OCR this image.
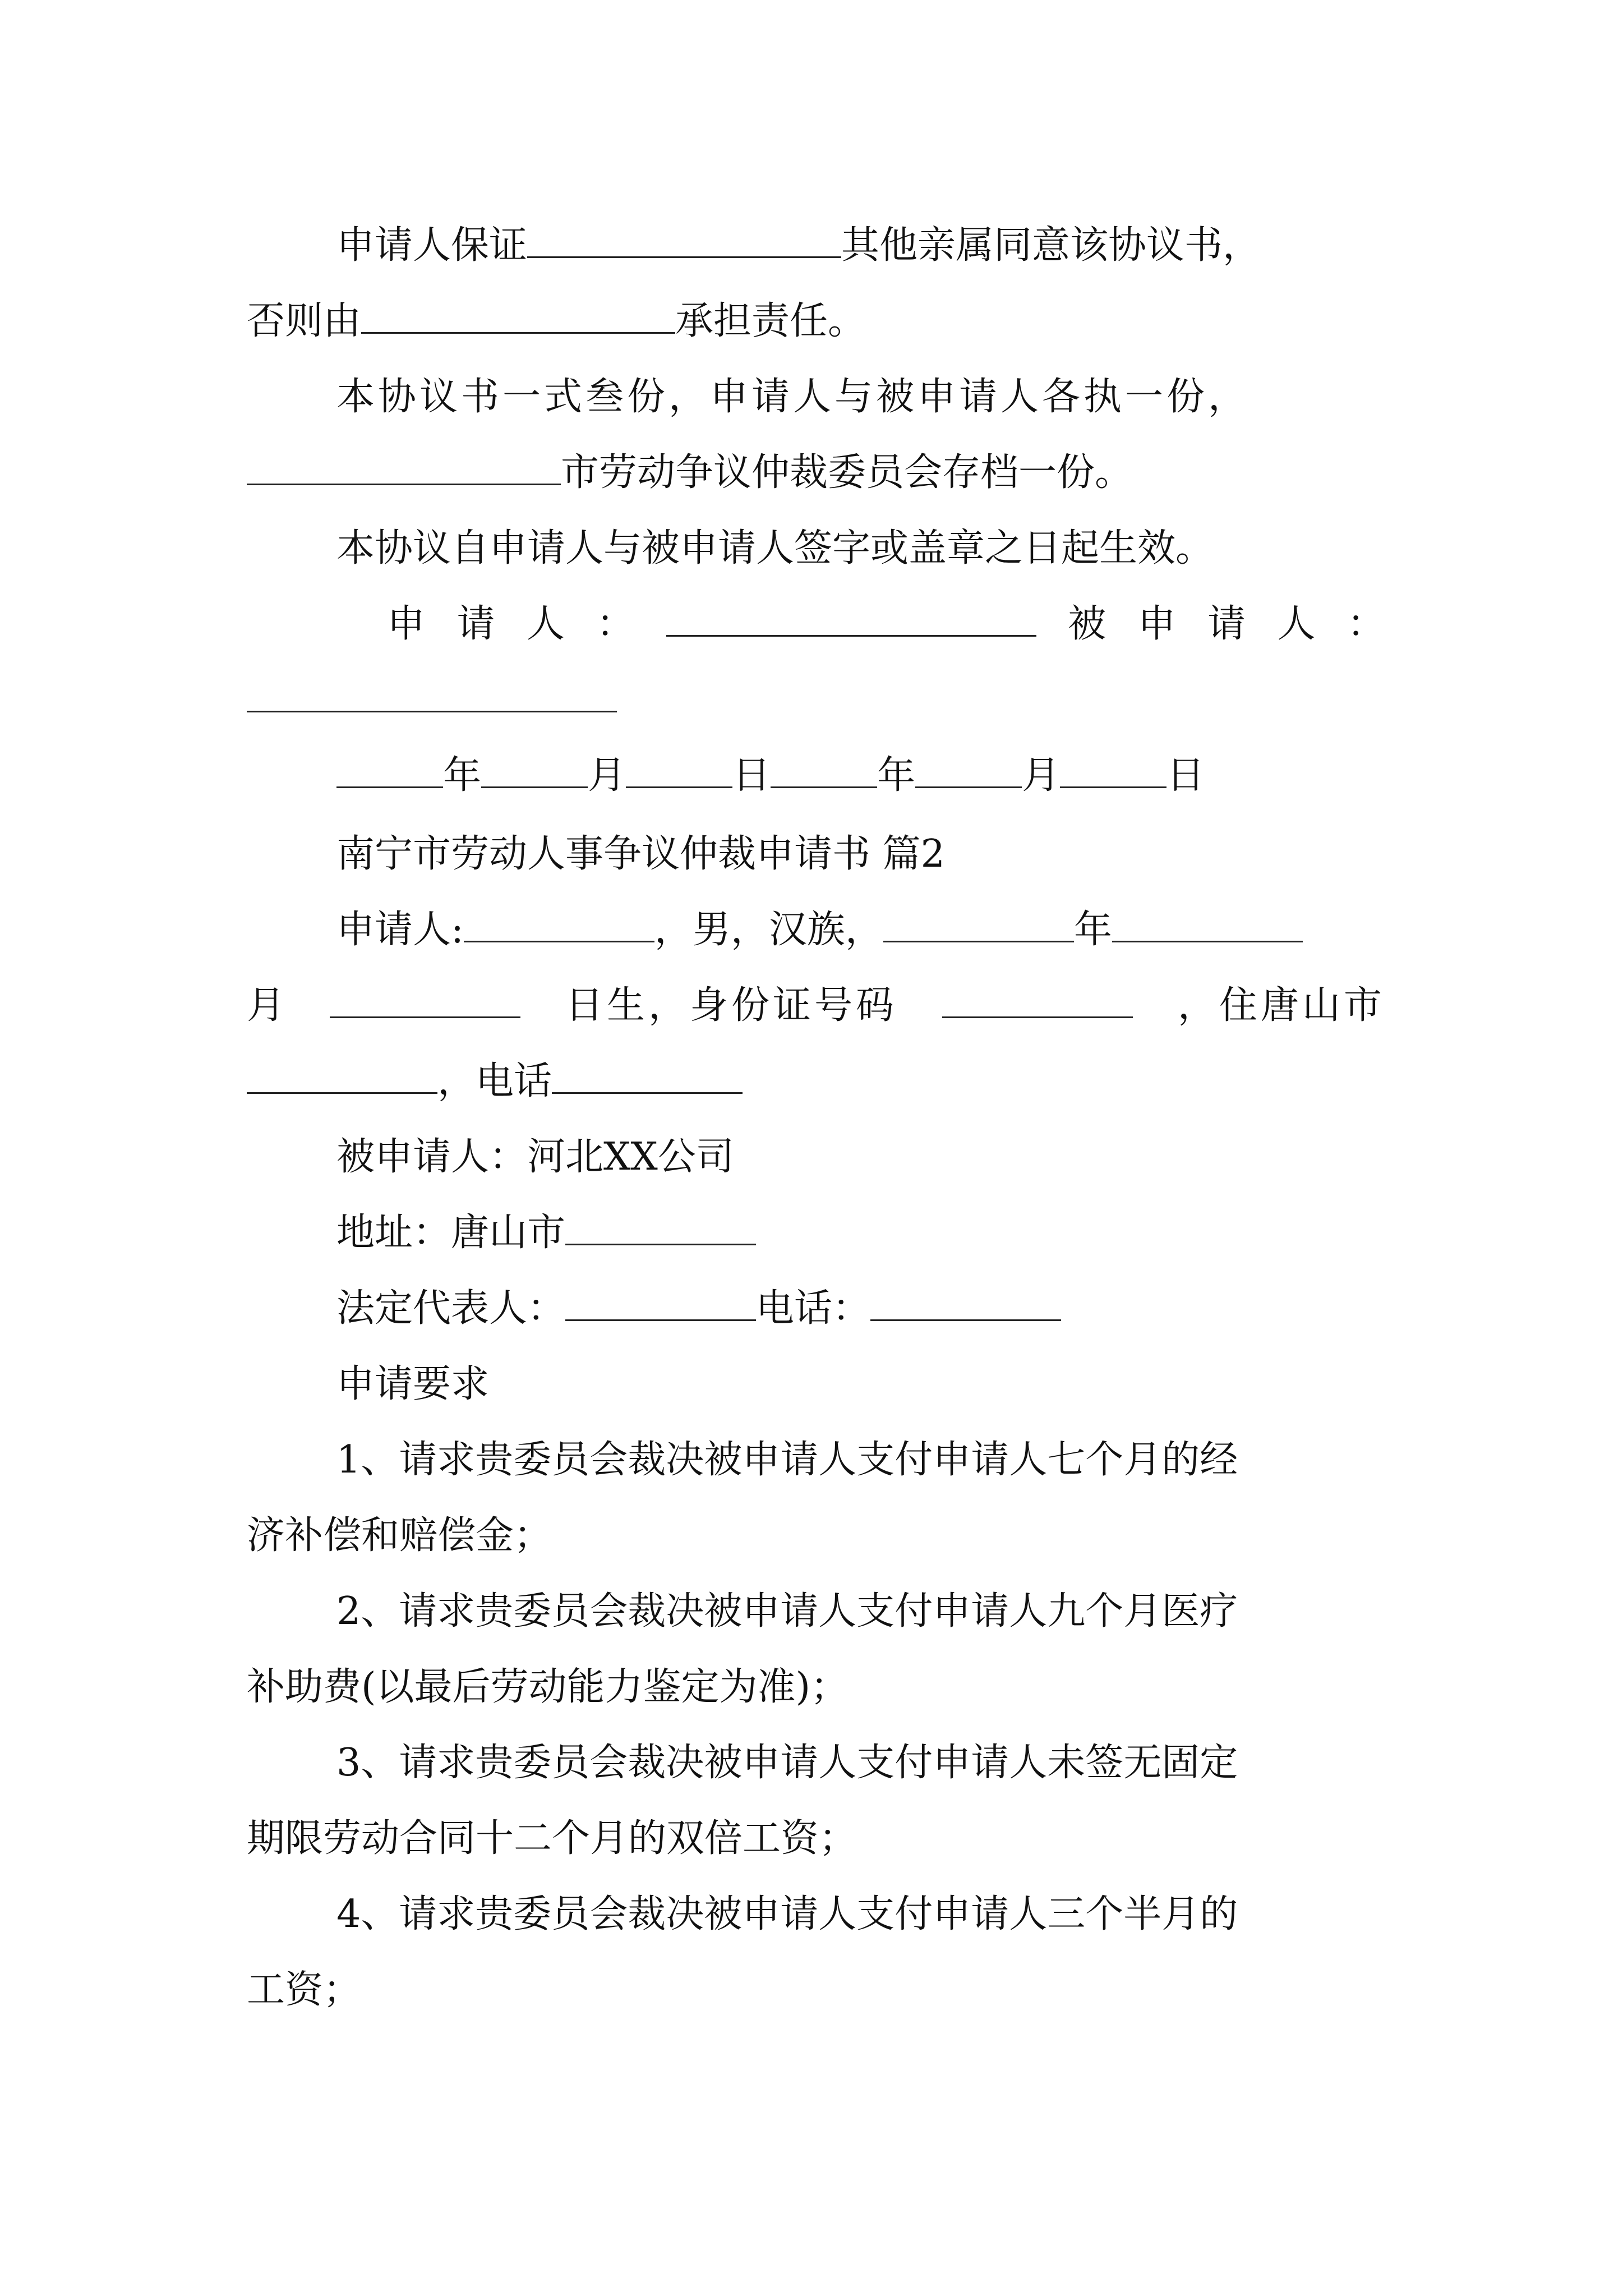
申请人保证	其他亲属同意该协议书，
否则由	承担责任。
本协议书一式叁份，申请人与被申请人各执一份，
市劳动争议仲裁委员会存档一份。
本协议自申请人与被申请人签字或盖章之日起生效。
申 请 人 ：	被 申 请 人 ：
年	月	日	年	月	日
南宁市劳动人事争议仲裁申请书 篇2
申请人:	，男，汉族，	年
月	日生，身份证号码	，住唐山市
，电话
被申请人：河北XX公司
地址：唐山市
法定代表人：	电话：
申请要求
1、请求贵委员会裁决被申请人支付申请人七个月的经
济补偿和赔偿金；
2、请求贵委员会裁决被申请人支付申请人九个月医疗
补助费(以最后劳动能力鉴定为准)；
3、请求贵委员会裁决被申请人支付申请人未签无固定
期限劳动合同十二个月的双倍工资；
4、请求贵委员会裁决被申请人支付申请人三个半月的
工资；
